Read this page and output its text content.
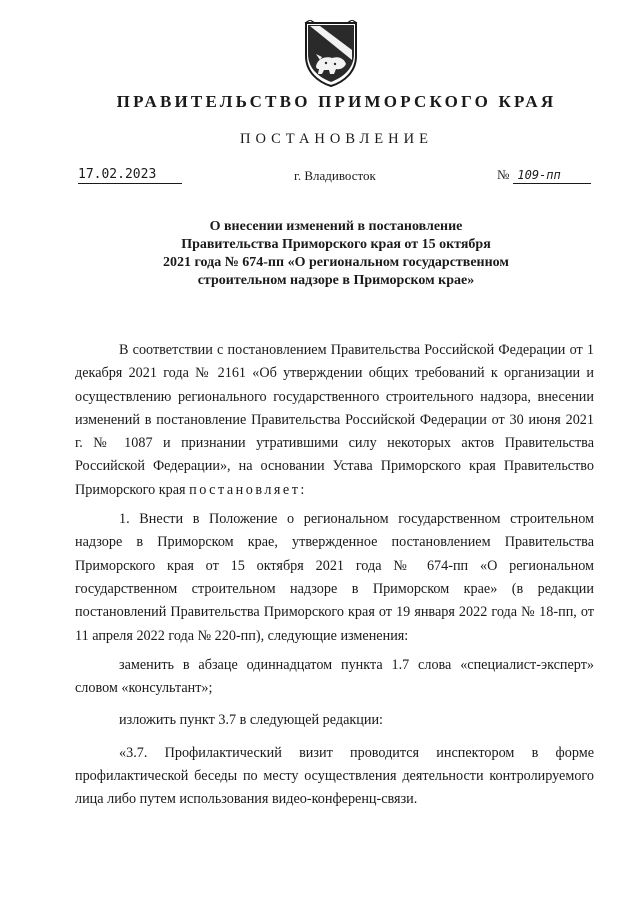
ПРАВИТЕЛЬСТВО ПРИМОРСКОГО КРАЯ
ПОСТАНОВЛЕНИЕ
17.02.2023	г. Владивосток	№ 109-пп
О внесении изменений в постановление
Правительства Приморского края от 15 октября
2021 года № 674-пп «О региональном государственном
строительном надзоре в Приморском крае»

В соответствии с постановлением Правительства Российской Федерации от 1 декабря 2021 года № 2161 «Об утверждении общих требований к организации и осуществлению регионального государственного строительного надзора, внесении изменений в постановление Правительства Российской Федерации от 30 июня 2021 г. № 1087 и признании утратившими силу некоторых актов Правительства Российской Федерации», на основании Устава Приморского края Правительство Приморского края постановляет:

1. Внести в Положение о региональном государственном строительном надзоре в Приморском крае, утвержденное постановлением Правительства Приморского края от 15 октября 2021 года № 674-пп «О региональном государственном строительном надзоре в Приморском крае» (в редакции постановлений Правительства Приморского края от 19 января 2022 года № 18-пп, от 11 апреля 2022 года № 220-пп), следующие изменения:

заменить в абзаце одиннадцатом пункта 1.7 слова «специалист-эксперт» словом «консультант»;

изложить пункт 3.7 в следующей редакции:

«3.7. Профилактический визит проводится инспектором в форме профилактической беседы по месту осуществления деятельности контролируемого лица либо путем использования видео-конференц-связи.
